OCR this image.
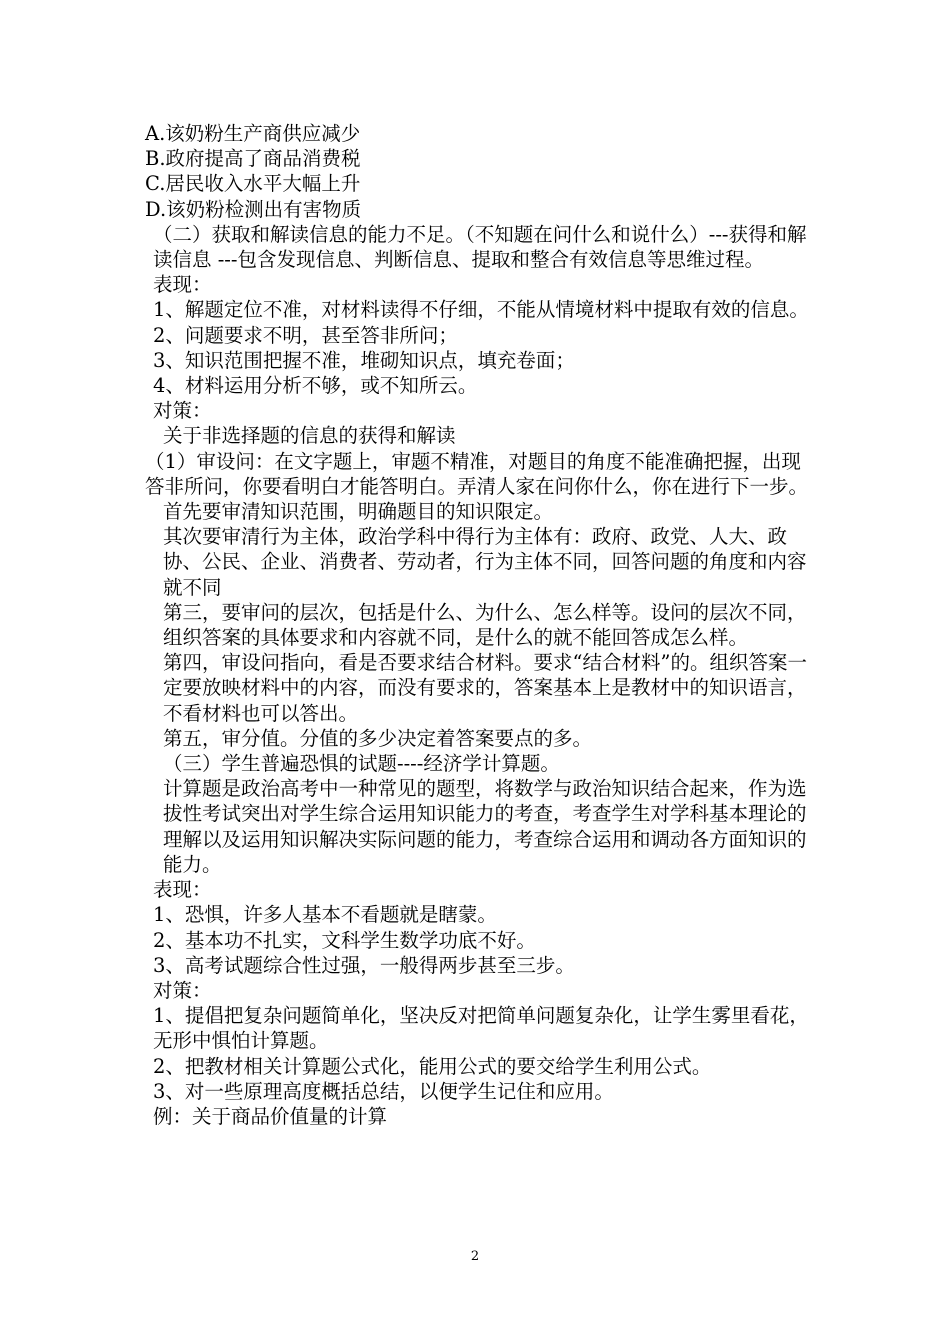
A.该奶粉生产商供应减少

B.政府提高了商品消费税

C.居民收入水平大幅上升

D.该奶粉检测出有害物质

（二）获取和解读信息的能力不足。（不知题在问什么和说什么）---获得和解读信息 ---包含发现信息、判断信息、提取和整合有效信息等思维过程。

表现：

1、解题定位不准，对材料读得不仔细，不能从情境材料中提取有效的信息。

2、问题要求不明，甚至答非所问；

3、知识范围把握不准，堆砌知识点，填充卷面；

4、材料运用分析不够，或不知所云。

对策：

关于非选择题的信息的获得和解读

（1）审设问：在文字题上，审题不精准，对题目的角度不能准确把握，出现答非所问，你要看明白才能答明白。弄清人家在问你什么，你在进行下一步。

首先要审清知识范围，明确题目的知识限定。

其次要审清行为主体，政治学科中得行为主体有：政府、政党、人大、政协、公民、企业、消费者、劳动者，行为主体不同，回答问题的角度和内容就不同

第三，要审问的层次，包括是什么、为什么、怎么样等。设问的层次不同，组织答案的具体要求和内容就不同，是什么的就不能回答成怎么样。

第四，审设问指向，看是否要求结合材料。要求“结合材料”的。组织答案一定要放映材料中的内容，而没有要求的，答案基本上是教材中的知识语言，不看材料也可以答出。

第五，审分值。分值的多少决定着答案要点的多。

（三）学生普遍恐惧的试题----经济学计算题。

计算题是政治高考中一种常见的题型，将数学与政治知识结合起来，作为选拔性考试突出对学生综合运用知识能力的考查，考查学生对学科基本理论的理解以及运用知识解决实际问题的能力，考查综合运用和调动各方面知识的能力。

表现：

1、恐惧，许多人基本不看题就是瞎蒙。

2、基本功不扎实，文科学生数学功底不好。

3、高考试题综合性过强，一般得两步甚至三步。

对策：

1、提倡把复杂问题简单化，坚决反对把简单问题复杂化，让学生雾里看花，无形中惧怕计算题。

2、把教材相关计算题公式化，能用公式的要交给学生利用公式。

3、对一些原理高度概括总结，以便学生记住和应用。

例：关于商品价值量的计算

2
